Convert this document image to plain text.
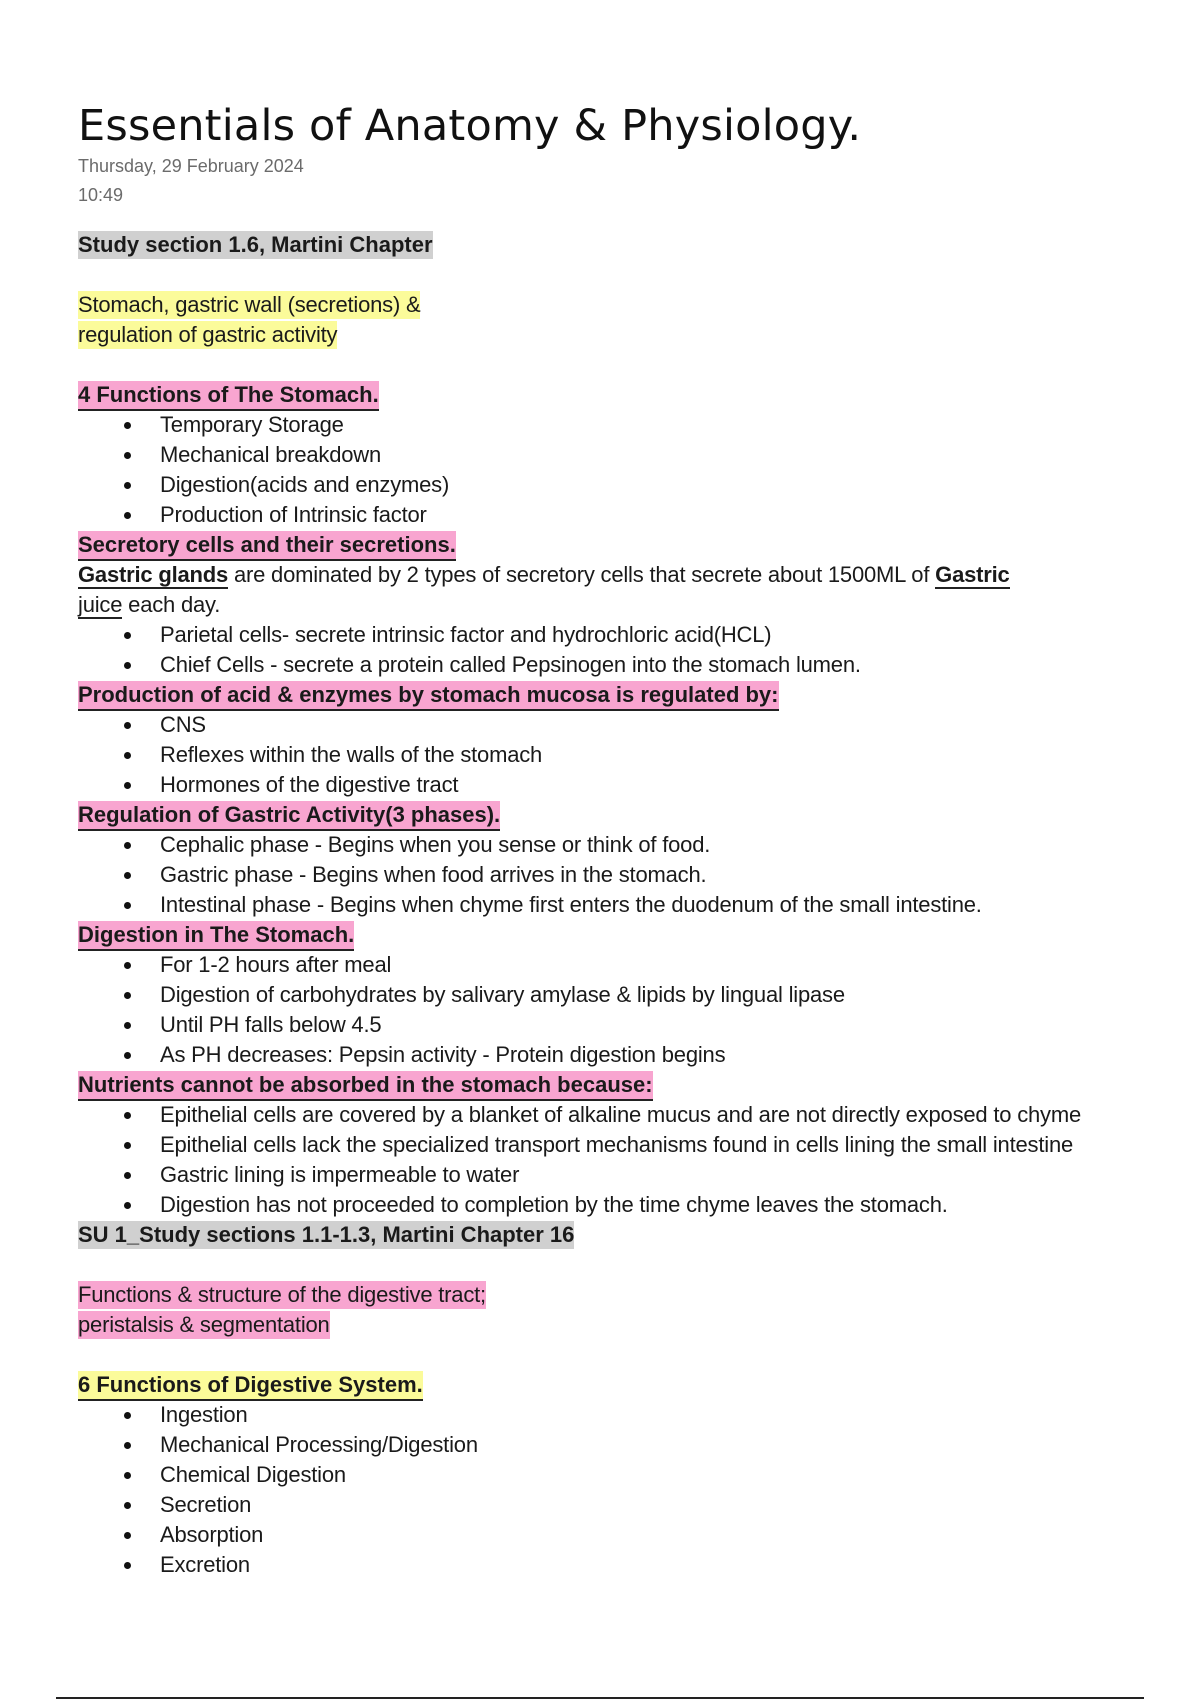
Essentials of Anatomy & Physiology.
Thursday, 29 February 2024
10:49
Study section 1.6, Martini Chapter
Stomach, gastric wall (secretions) &
regulation of gastric activity
4 Functions of The Stomach.
Temporary Storage
Mechanical breakdown
Digestion(acids and enzymes)
Production of Intrinsic factor
Secretory cells and their secretions.
Gastric glands are dominated by 2 types of secretory cells that secrete about 1500ML of Gastric
juice each day.
Parietal cells- secrete intrinsic factor and hydrochloric acid(HCL)
Chief Cells - secrete a protein called Pepsinogen into the stomach lumen.
Production of acid & enzymes by stomach mucosa is regulated by:
CNS
Reflexes within the walls of the stomach
Hormones of the digestive tract
Regulation of Gastric Activity(3 phases).
Cephalic phase - Begins when you sense or think of food.
Gastric phase - Begins when food arrives in the stomach.
Intestinal phase - Begins when chyme first enters the duodenum of the small intestine.
Digestion in The Stomach.
For 1-2 hours after meal
Digestion of carbohydrates by salivary amylase & lipids by lingual lipase
Until PH falls below 4.5
As PH decreases: Pepsin activity - Protein digestion begins
Nutrients cannot be absorbed in the stomach because:
Epithelial cells are covered by a blanket of alkaline mucus and are not directly exposed to chyme
Epithelial cells lack the specialized transport mechanisms found in cells lining the small intestine
Gastric lining is impermeable to water
Digestion has not proceeded to completion by the time chyme leaves the stomach.
SU 1_Study sections 1.1-1.3, Martini Chapter 16
Functions & structure of the digestive tract;
peristalsis & segmentation
6 Functions of Digestive System.
Ingestion
Mechanical Processing/Digestion
Chemical Digestion
Secretion
Absorption
Excretion
